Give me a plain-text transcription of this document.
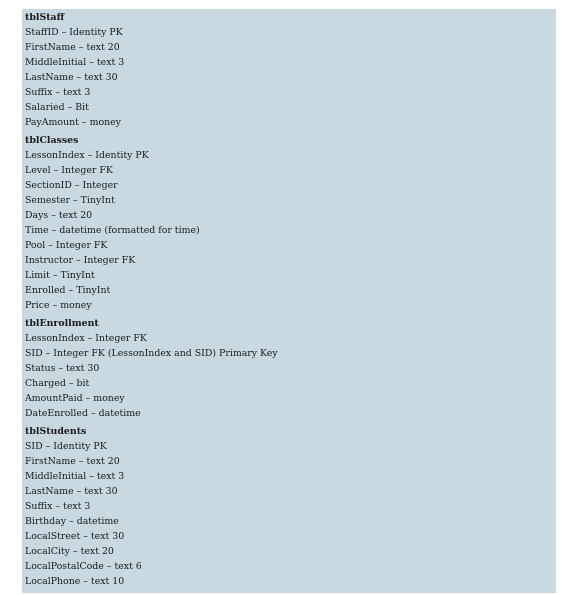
tblStaff
StaffID – Identity PK
FirstName – text 20
MiddleInitial – text 3
LastName – text 30
Suffix – text 3
Salaried – Bit
PayAmount – money
tblClasses
LessonIndex – Identity PK
Level – Integer FK
SectionID – Integer
Semester – TinyInt
Days – text 20
Time – datetime (formatted for time)
Pool – Integer FK
Instructor – Integer FK
Limit – TinyInt
Enrolled – TinyInt
Price – money
tblEnrollment
LessonIndex – Integer FK
SID – Integer FK (LessonIndex and SID) Primary Key
Status – text 30
Charged – bit
AmountPaid – money
DateEnrolled – datetime
tblStudents
SID – Identity PK
FirstName – text 20
MiddleInitial – text 3
LastName – text 30
Suffix – text 3
Birthday – datetime
LocalStreet – text 30
LocalCity – text 20
LocalPostalCode – text 6
LocalPhone – text 10
